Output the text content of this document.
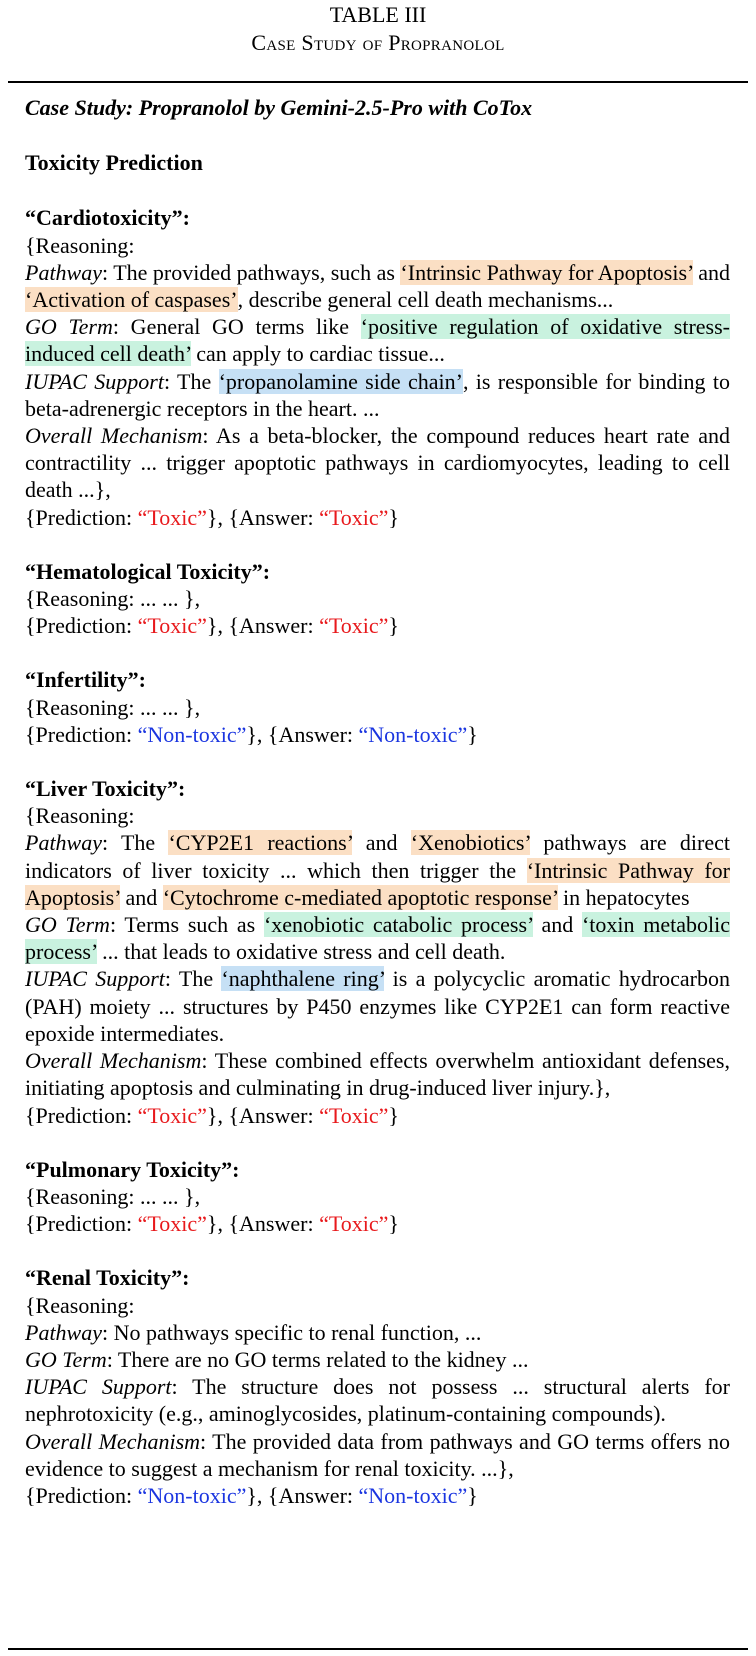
TABLE III
Case Study of Propranolol

Case Study: Propranolol by Gemini-2.5-Pro with CoTox

Toxicity Prediction

“Cardiotoxicity”:

{Reasoning:

Pathway: The provided pathways, such as ‘Intrinsic Pathway for Apoptosis’ and ‘Activation of caspases’, describe general cell death mechanisms...

GO Term: General GO terms like ‘positive regulation of oxidative stress-induced cell death’ can apply to cardiac tissue...

IUPAC Support: The ‘propanolamine side chain’, is responsible for binding to beta-adrenergic receptors in the heart. ...

Overall Mechanism: As a beta-blocker, the compound reduces heart rate and contractility ... trigger apoptotic pathways in cardiomyocytes, leading to cell death ...},

{Prediction: “Toxic”}, {Answer: “Toxic”}

“Hematological Toxicity”:

{Reasoning: ... ... },

{Prediction: “Toxic”}, {Answer: “Toxic”}

“Infertility”:

{Reasoning: ... ... },

{Prediction: “Non-toxic”}, {Answer: “Non-toxic”}

“Liver Toxicity”:

{Reasoning:

Pathway: The ‘CYP2E1 reactions’ and ‘Xenobiotics’ pathways are direct indicators of liver toxicity ... which then trigger the ‘Intrinsic Pathway for Apoptosis’ and ‘Cytochrome c-mediated apoptotic response’ in hepatocytes

GO Term: Terms such as ‘xenobiotic catabolic process’ and ‘toxin metabolic process’ ... that leads to oxidative stress and cell death.

IUPAC Support: The ‘naphthalene ring’ is a polycyclic aromatic hydrocarbon (PAH) moiety ... structures by P450 enzymes like CYP2E1 can form reactive epoxide intermediates.

Overall Mechanism: These combined effects overwhelm antioxidant defenses, initiating apoptosis and culminating in drug-induced liver injury.},

{Prediction: “Toxic”}, {Answer: “Toxic”}

“Pulmonary Toxicity”:

{Reasoning: ... ... },

{Prediction: “Toxic”}, {Answer: “Toxic”}

“Renal Toxicity”:

{Reasoning:

Pathway: No pathways specific to renal function, ...

GO Term: There are no GO terms related to the kidney ...

IUPAC Support: The structure does not possess ... structural alerts for nephrotoxicity (e.g., aminoglycosides, platinum-containing compounds).

Overall Mechanism: The provided data from pathways and GO terms offers no evidence to suggest a mechanism for renal toxicity. ...},

{Prediction: “Non-toxic”}, {Answer: “Non-toxic”}
